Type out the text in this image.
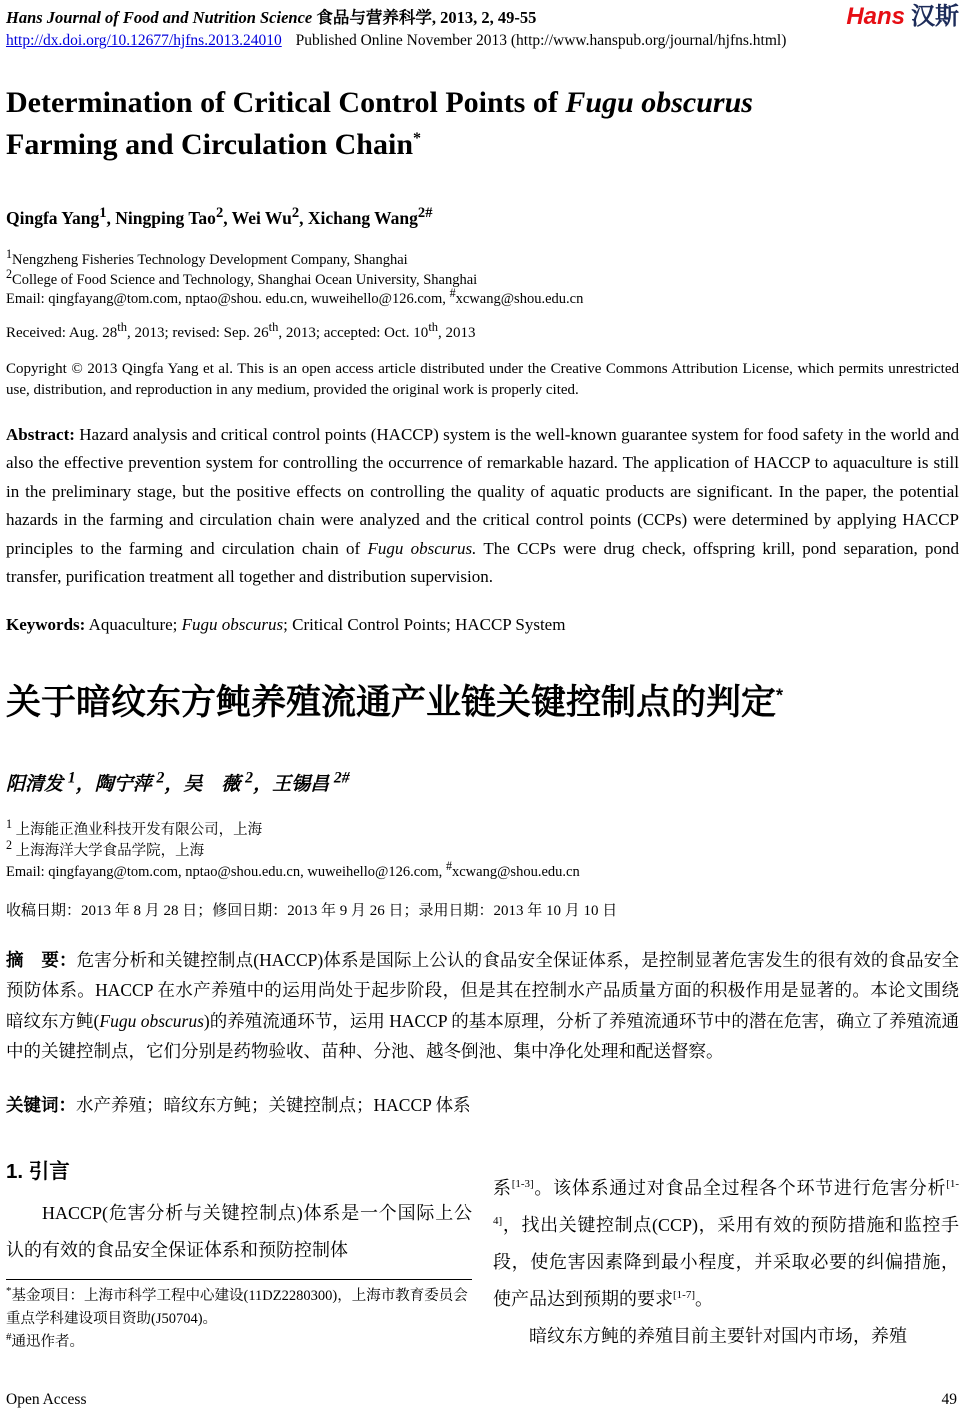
Hans Journal of Food and Nutrition Science 食品与营养科学, 2013, 2, 49-55
http://dx.doi.org/10.12677/hjfns.2013.24010 Published Online November 2013 (http://www.hanspub.org/journal/hjfns.html)
Hans 汉斯
Determination of Critical Control Points of Fugu obscurus
Farming and Circulation Chain*
Qingfa Yang$^1$, Ningping Tao$^2$, Wei Wu$^2$, Xichang Wang$^{2\#}$
$^1$Nengzheng Fisheries Technology Development Company, Shanghai
$^2$College of Food Science and Technology, Shanghai Ocean University, Shanghai
Email: qingfayang@tom.com, nptao@shou. edu.cn, wuweihello@126.com, #xcwang@shou.edu.cn
Received: Aug. 28th, 2013; revised: Sep. 26th, 2013; accepted: Oct. 10th, 2013
Copyright © 2013 Qingfa Yang et al. This is an open access article distributed under the Creative Commons Attribution License, which permits unrestricted use, distribution, and reproduction in any medium, provided the original work is properly cited.
Abstract: Hazard analysis and critical control points (HACCP) system is the well-known guarantee system for food safety in the world and also the effective prevention system for controlling the occurrence of remarkable hazard. The application of HACCP to aquaculture is still in the preliminary stage, but the positive effects on controlling the quality of aquatic products are significant. In the paper, the potential hazards in the farming and circulation chain were analyzed and the critical control points (CCPs) were determined by applying HACCP principles to the farming and circulation chain of Fugu obscurus. The CCPs were drug check, offspring krill, pond separation, pond transfer, purification treatment all together and distribution supervision.
Keywords: Aquaculture; Fugu obscurus; Critical Control Points; HACCP System
关于暗纹东方鲀养殖流通产业链关键控制点的判定*
阳清发 $^1$，陶宁萍 $^2$，吴　薇 $^2$，王锡昌 $^{2\#}$
$^1$ 上海能正渔业科技开发有限公司，上海
$^2$ 上海海洋大学食品学院，上海
Email: qingfayang@tom.com, nptao@shou.edu.cn, wuweihello@126.com, #xcwang@shou.edu.cn
收稿日期：2013 年 8 月 28 日；修回日期：2013 年 9 月 26 日；录用日期：2013 年 10 月 10 日
摘　要：危害分析和关键控制点(HACCP)体系是国际上公认的食品安全保证体系，是控制显著危害发生的很有效的食品安全预防体系。HACCP 在水产养殖中的运用尚处于起步阶段，但是其在控制水产品质量方面的积极作用是显著的。本论文围绕暗纹东方鲀(Fugu obscurus)的养殖流通环节，运用 HACCP 的基本原理，分析了养殖流通环节中的潜在危害，确立了养殖流通中的关键控制点，它们分别是药物验收、苗种、分池、越冬倒池、集中净化处理和配送督察。
关键词：水产养殖；暗纹东方鲀；关键控制点；HACCP 体系
1. 引言

HACCP(危害分析与关键控制点)体系是一个国际上公认的有效的食品安全保证体系和预防控制体

*基金项目：上海市科学工程中心建设(11DZ2280300)，上海市教育委员会重点学科建设项目资助(J50704)。
#通迅作者。

系[1-3]。该体系通过对食品全过程各个环节进行危害分析[1-4]，找出关键控制点(CCP)，采用有效的预防措施和监控手段，使危害因素降到最小程度，并采取必要的纠偏措施，使产品达到预期的要求[1-7]。

暗纹东方鲀的养殖目前主要针对国内市场，养殖

Open Access	49
